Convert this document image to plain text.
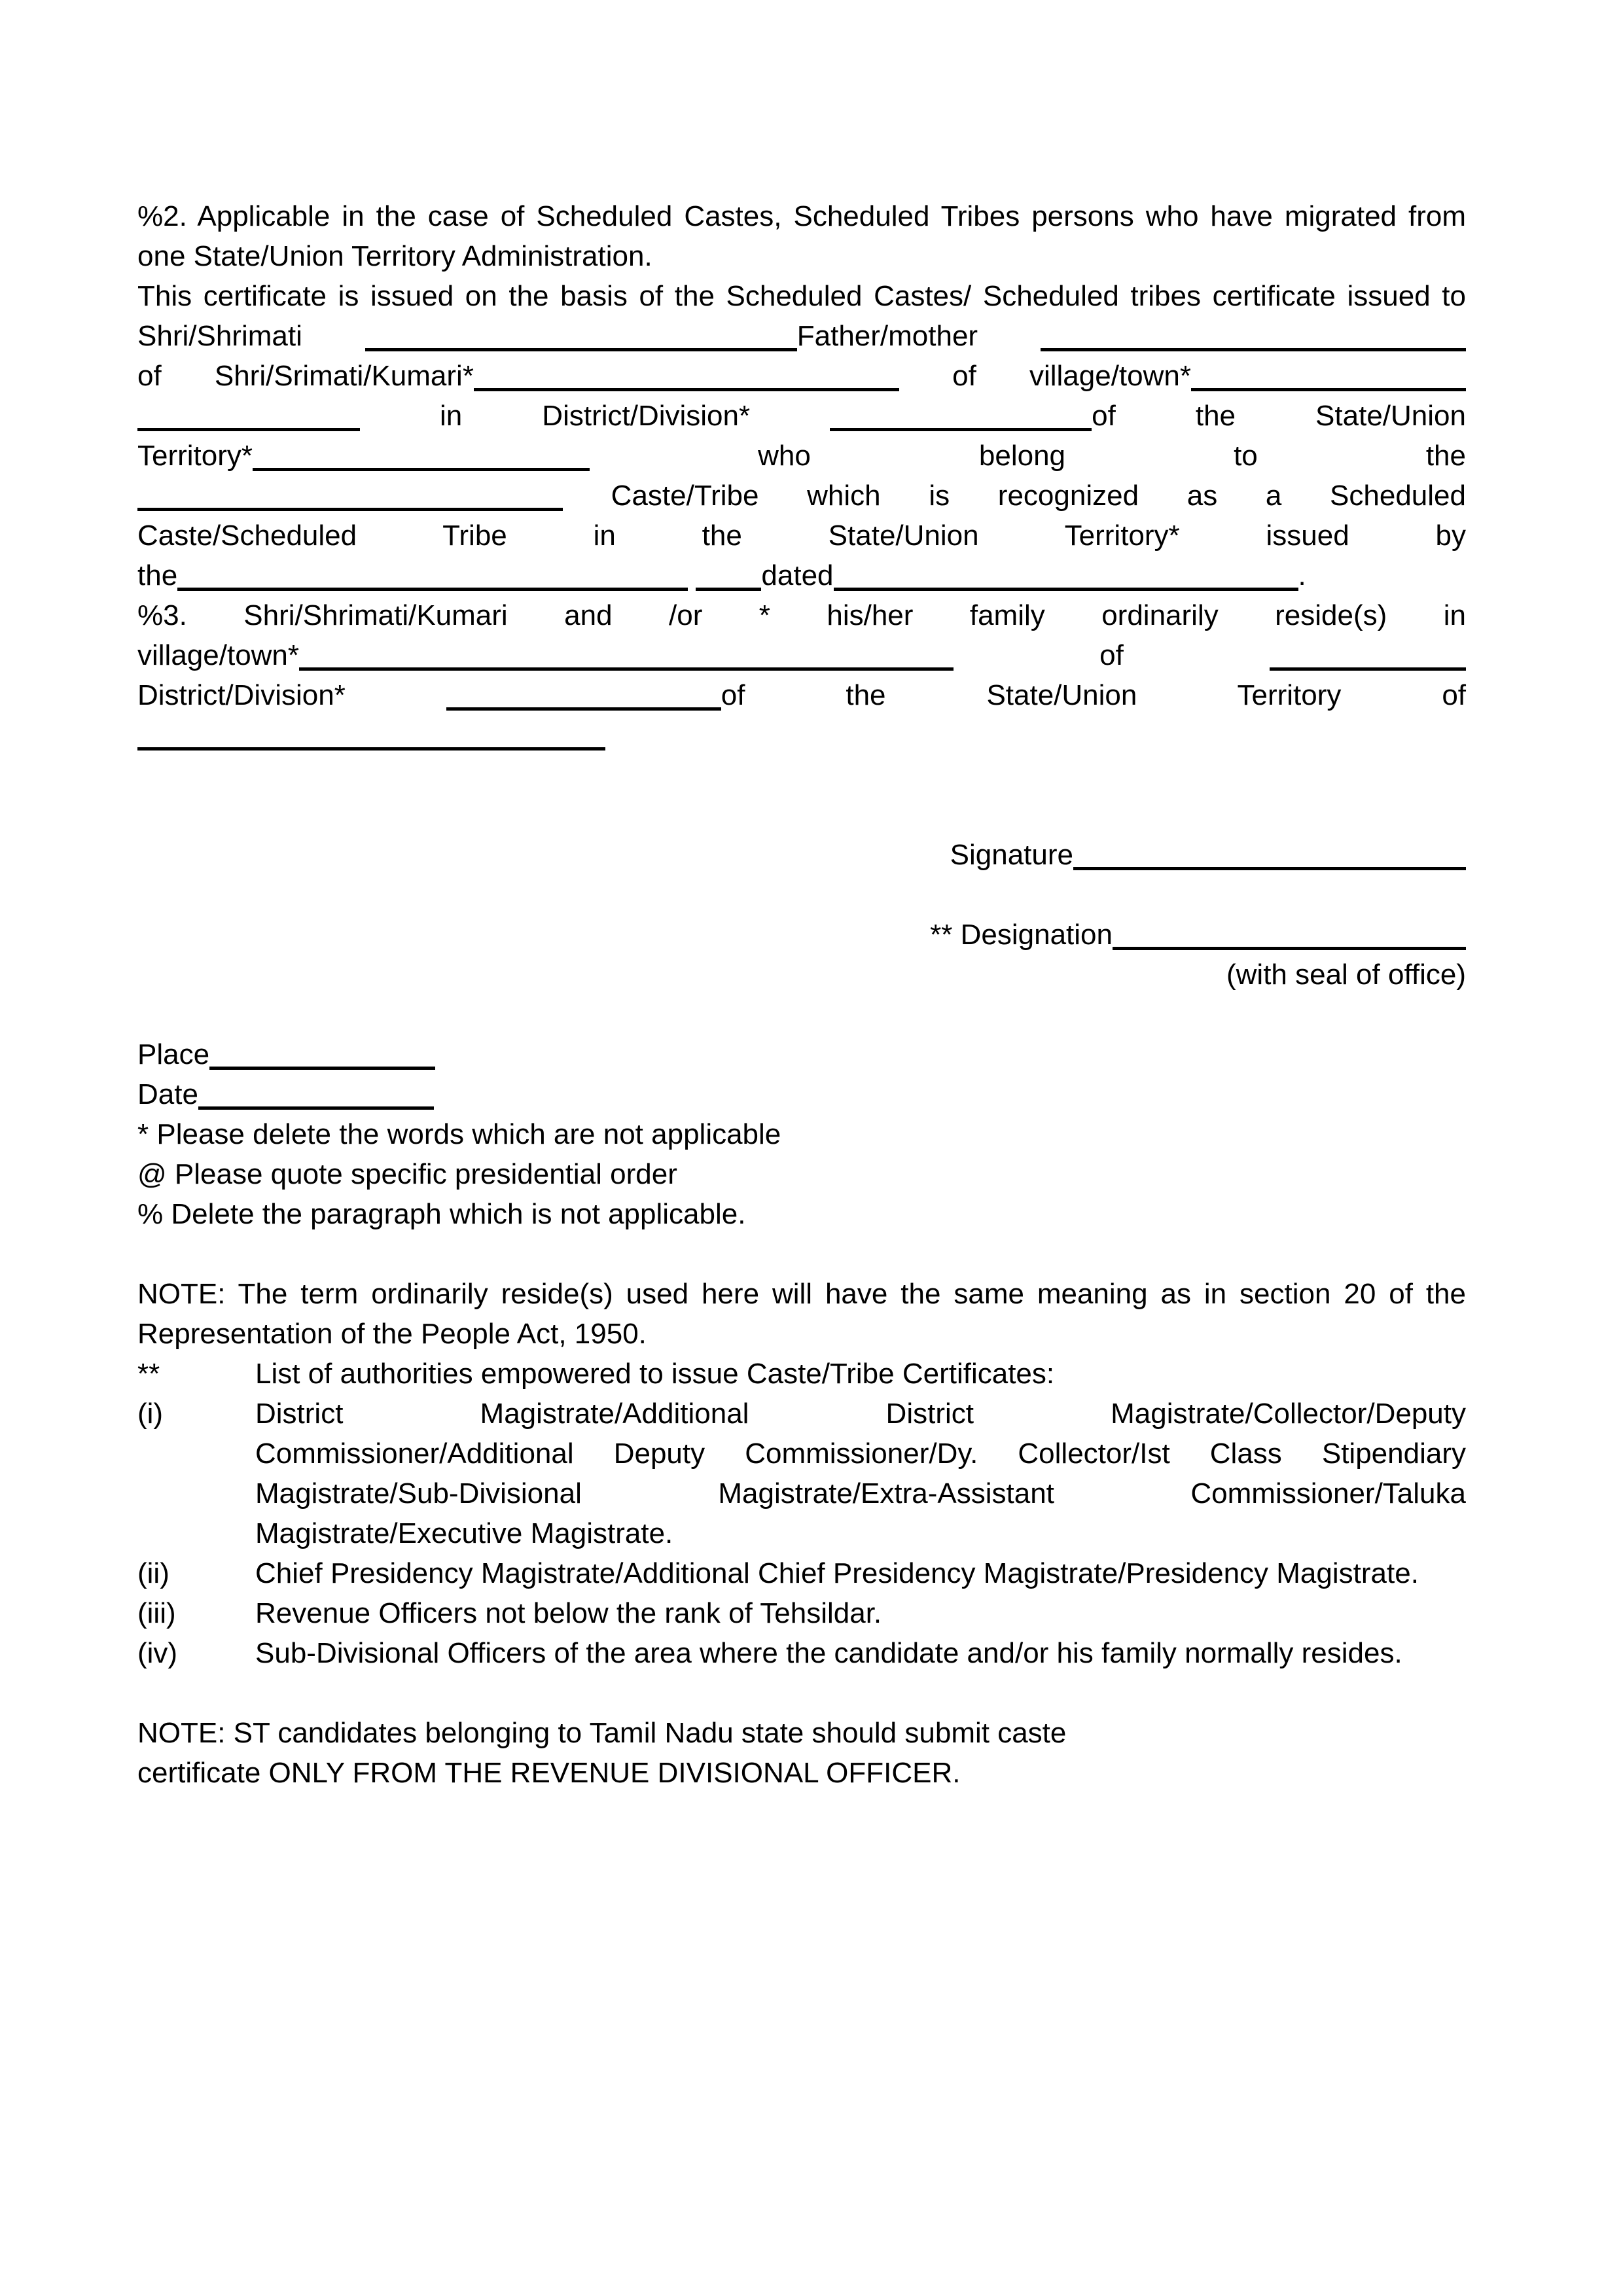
%2. Applicable in the case of Scheduled Castes, Scheduled Tribes persons who have migrated from
one State/Union Territory Administration.
This certificate is issued on the basis of the Scheduled Castes/ Scheduled tribes certificate issued to
Shri/Shrimati	Father/mother
of Shri/Srimati/Kumari*	of village/town*
in District/Division*	of the State/Union
Territory*	who belong to the
Caste/Tribe which is recognized as a Scheduled
Caste/Scheduled Tribe in the State/Union Territory* issued by
the	dated	.
%3. Shri/Shrimati/Kumari and /or * his/her family ordinarily reside(s) in
village/town*	of
District/Division*	of the State/Union Territory of
Signature
** Designation
(with seal of office)
Place
Date
* Please delete the words which are not applicable
@ Please quote specific presidential order
% Delete the paragraph which is not applicable.
NOTE: The term ordinarily reside(s) used here will have the same meaning as in section 20 of the
Representation of the People Act, 1950.
**	List of authorities empowered to issue Caste/Tribe Certificates:
(i)	District Magistrate/Additional District Magistrate/Collector/Deputy
Commissioner/Additional Deputy Commissioner/Dy. Collector/Ist Class Stipendiary
Magistrate/Sub-Divisional Magistrate/Extra-Assistant Commissioner/Taluka
Magistrate/Executive Magistrate.
(ii)	Chief Presidency Magistrate/Additional Chief Presidency Magistrate/Presidency Magistrate.
(iii)	Revenue Officers not below the rank of Tehsildar.
(iv)	Sub-Divisional Officers of the area where the candidate and/or his family normally resides.
NOTE: ST candidates belonging to Tamil Nadu state should submit caste
certificate ONLY FROM THE REVENUE DIVISIONAL OFFICER.
